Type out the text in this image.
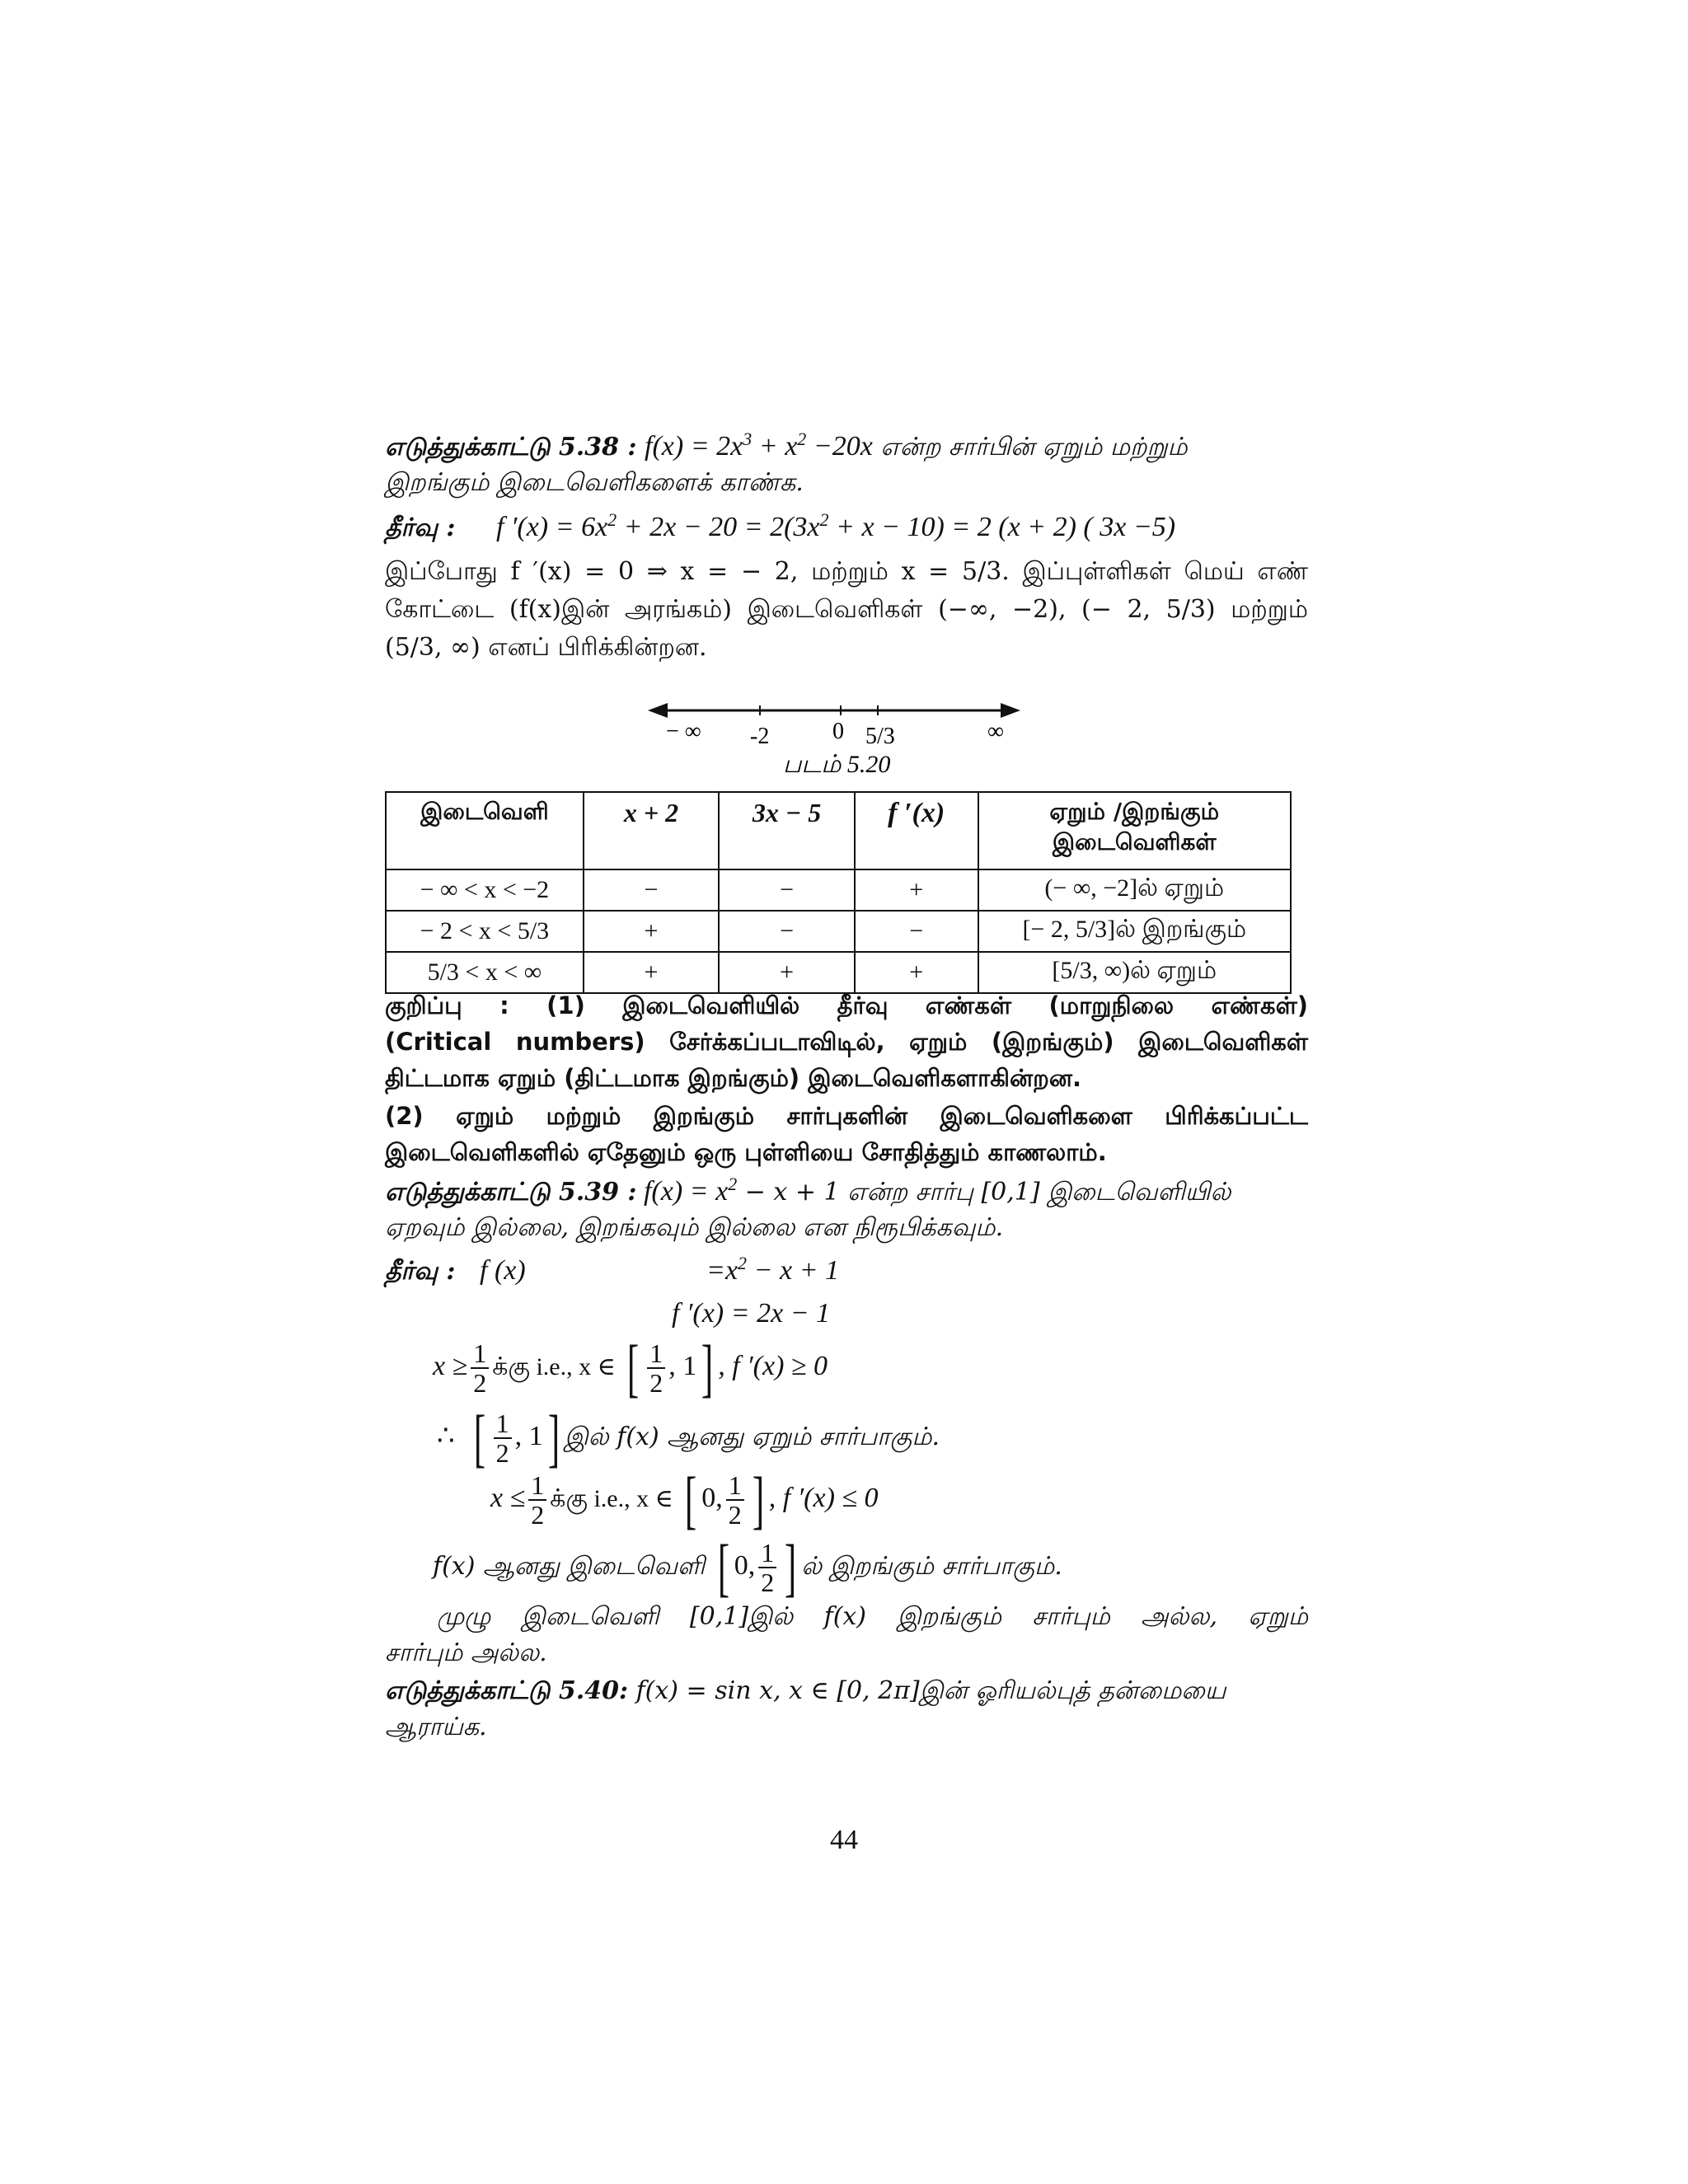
எடுத்துக்காட்டு 5.38 : $f(x) = 2x^3 + x^2 -20x$ என்ற சார்பின் ஏறும் மற்றும்
இறங்கும் இடைவெளிகளைக் காண்க.
தீர்வு : f $'(x) = 6x^2 + 2x - 20 = 2(3x^2 + x - 10) = 2$ (x + 2) ( 3x −5)
இப்போது f ′(x) = 0 ⇒ x = − 2, மற்றும் x = 5/3. இப்புள்ளிகள் மெய் எண்
கோட்டை (f(x)இன் அரங்கம்) இடைவெளிகள் (−∞, −2), (− 2, 5/3) மற்றும்
(5/3, ∞) எனப் பிரிக்கின்றன.
− ∞ -2	0 5/3	∞
படம் 5.20
இடைவெளி	x + 2	3x − 5	f ′(x)	ஏறும் /இறங்கும் இடைவெளிகள்
− ∞ < x < −2	−	−	+	(− ∞, −2]ல் ஏறும்
− 2 < x < 5/3	+	−	−	[− 2, 5/3]ல் இறங்கும்
5/3 < x < ∞	+	+	+	[5/3, ∞)ல் ஏறும்
குறிப்பு : (1) இடைவெளியில் தீர்வு எண்கள் (மாறுநிலை எண்கள்)
(Critical numbers) சேர்க்கப்படாவிடில், ஏறும் (இறங்கும்) இடைவெளிகள்
திட்டமாக ஏறும் (திட்டமாக இறங்கும்) இடைவெளிகளாகின்றன.
(2) ஏறும் மற்றும் இறங்கும் சார்புகளின் இடைவெளிகளை பிரிக்கப்பட்ட
இடைவெளிகளில் ஏதேனும் ஒரு புள்ளியை சோதித்தும் காணலாம்.
எடுத்துக்காட்டு 5.39 : $f(x) = x^2 - x + 1$ என்ற சார்பு [0,1] இடைவெளியில்
ஏறவும் இல்லை, இறங்கவும் இல்லை என நிரூபிக்கவும்.
தீர்வு : f (x)	$=x^2 - x + 1$
f ′(x) = 2x − 1
$x \ge \frac{1}{2}$ க்கு i.e., x ∈ [ $\frac{1}{2}$ , 1] , f ′(x) ≥ 0
∴ [ $\frac{1}{2}$ , 1] இல் f(x) ஆனது ஏறும் சார்பாகும்.
$x \le \frac{1}{2}$ க்கு i.e., x ∈ [ 0, $\frac{1}{2}$ ] , f ′(x) ≤ 0
f(x) ஆனது இடைவெளி [ 0, $\frac{1}{2}$ ] ல் இறங்கும் சார்பாகும்.
முழு இடைவெளி [0,1]இல் f(x) இறங்கும் சார்பும் அல்ல, ஏறும்
சார்பும் அல்ல.
எடுத்துக்காட்டு 5.40: f(x) = sin x, x ∈ [0, 2π]இன் ஓரியல்புத் தன்மையை
ஆராய்க.
44
